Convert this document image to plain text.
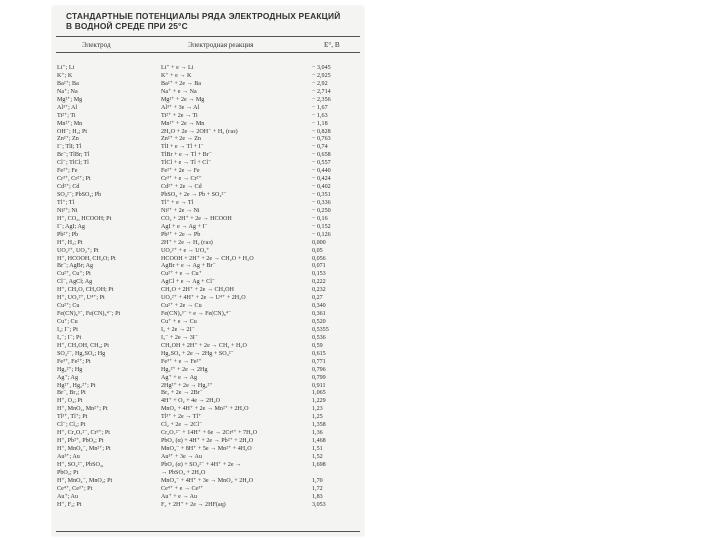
СТАНДАРТНЫЕ ПОТЕНЦИАЛЫ РЯДА ЭЛЕКТРОДНЫХ РЕАКЦИЙ
В ВОДНОЙ СРЕДЕ ПРИ 25°С
Электрод	Электродная реакция	E°, В
Li⁺; Li	Li⁺ + e → Li	− 3,045
K⁺; K	K⁺ + e → K	− 2,925
Ba²⁺; Ba	Ba²⁺ + 2e → Ba	− 2,92
Na⁺; Na	Na⁺ + e → Na	− 2,714
Mg²⁺; Mg	Mg²⁺ + 2e → Mg	− 2,356
Al³⁺; Al	Al³⁺ + 3e → Al	− 1,67
Ti²⁺; Ti	Ti²⁺ + 2e → Ti	− 1,63
Mn²⁺; Mn	Mn²⁺ + 2e → Mn	− 1,18
OH⁻; H₂; Pt	2H₂O + 2e → 2OH⁻ + H₂ (газ)	− 0,828
Zn²⁺; Zn	Zn²⁺ + 2e → Zn	− 0,763
I⁻; TlI; Tl	TlI + e → Tl + I⁻	− 0,74
Br⁻; TlBr; Tl	TlBr + e → Tl + Br⁻	− 0,658
Cl⁻; TlCl; Tl	TlCl + e → Tl + Cl⁻	− 0,557
Fe²⁺; Fe	Fe²⁺ + 2e → Fe	− 0,440
Cr³⁺, Cr²⁺; Pt	Cr³⁺ + e → Cr²⁺	− 0,424
Cd²⁺; Cd	Cd²⁺ + 2e → Cd	− 0,402
SO₄²⁻; PbSO₄; Pb	PbSO₄ + 2e → Pb + SO₄²⁻	− 0,351
Tl⁺; Tl	Tl⁺ + e → Tl	− 0,336
Ni²⁺; Ni	Ni²⁺ + 2e → Ni	− 0,250
H⁺, CO₂, HCOOH; Pt	CO₂ + 2H⁺ + 2e → HCOOH	− 0,16
I⁻; AgI; Ag	AgI + e → Ag + I⁻	− 0,152
Pb²⁺; Pb	Pb²⁺ + 2e → Pb	− 0,126
H⁺, H₂; Pt	2H⁺ + 2e → H₂ (газ)	0,000
UO₂²⁺, UO₂⁺; Pt	UO₂²⁺ + e → UO₂⁺	0,05
H⁺, HCOOH, CH₂O; Pt	HCOOH + 2H⁺ + 2e → CH₂O + H₂O	0,056
Br⁻; AgBr; Ag	AgBr + e → Ag + Br⁻	0,071
Cu²⁺, Cu⁺; Pt	Cu²⁺ + e → Cu⁺	0,153
Cl⁻, AgCl; Ag	AgCl + e → Ag + Cl⁻	0,222
H⁺, CH₂O, CH₃OH; Pt	CH₂O + 2H⁺ + 2e → CH₃OH	0,232
H⁺, UO₂²⁺, U⁴⁺; Pt	UO₂²⁺ + 4H⁺ + 2e → U⁴⁺ + 2H₂O	0,27
Cu²⁺; Cu	Cu²⁺ + 2e → Cu	0,340
Fe(CN)₆³⁻, Fe(CN)₆⁴⁻; Pt	Fe(CN)₆³⁻ + e → Fe(CN)₆⁴⁻	0,361
Cu⁺; Cu	Cu⁺ + e → Cu	0,520
I₂; I⁻; Pt	I₂ + 2e → 2I⁻	0,5355
I₃⁻; I⁻; Pt	I₃⁻ + 2e → 3I⁻	0,536
H⁺, CH₃OH, CH₄; Pt	CH₃OH + 2H⁺ + 2e → CH₄ + H₂O	0,59
SO₄²⁻, Hg₂SO₄; Hg	Hg₂SO₄ + 2e → 2Hg + SO₄²⁻	0,615
Fe³⁺, Fe²⁺; Pt	Fe³⁺ + e → Fe²⁺	0,771
Hg₂²⁺; Hg	Hg₂²⁺ + 2e → 2Hg	0,796
Ag⁺; Ag	Ag⁺ + e → Ag	0,799
Hg²⁺, Hg₂²⁺; Pt	2Hg²⁺ + 2e → Hg₂²⁺	0,911
Br⁻, Br₂; Pt	Br₂ + 2e → 2Br⁻	1,065
H⁺, O₂; Pt	4H⁺ + O₂ + 4e → 2H₂O	1,229
H⁺, MnO₂, Mn²⁺; Pt	MnO₂ + 4H⁺ + 2e → Mn²⁺ + 2H₂O	1,23
Tl³⁺, Tl⁺; Pt	Tl³⁺ + 2e → Tl⁺	1,25
Cl⁻; Cl₂; Pt	Cl₂ + 2e → 2Cl⁻	1,358
H⁺, Cr₂O₇²⁻, Cr³⁺; Pt	Cr₂O₇²⁻ + 14H⁺ + 6e → 2Cr³⁺ + 7H₂O	1,36
H⁺, Pb²⁺, PbO₂; Pt	PbO₂ (α) + 4H⁺ + 2e → Pb²⁺ + 2H₂O	1,468
H⁺, MnO₄⁻, Mn²⁺; Pt	MnO₄⁻ + 8H⁺ + 5e → Mn²⁺ + 4H₂O	1,51
Au³⁺; Au	Au³⁺ + 3e → Au	1,52
H⁺, SO₄²⁻, PbSO₄,	PbO₂ (α) + SO₄²⁻ + 4H⁺ + 2e →	1,698
PbO₂; Pt	→ PbSO₄ + 2H₂O
H⁺, MnO₄⁻, MnO₂; Pt	MnO₄⁻ + 4H⁺ + 3e → MnO₂ + 2H₂O	1,70
Ce⁴⁺, Ce³⁺; Pt	Ce⁴⁺ + e → Ce³⁺	1,72
Au⁺; Au	Au⁺ + e → Au	1,83
H⁺, F₂; Pt	F₂ + 2H⁺ + 2e → 2HF(aq)	3,053
